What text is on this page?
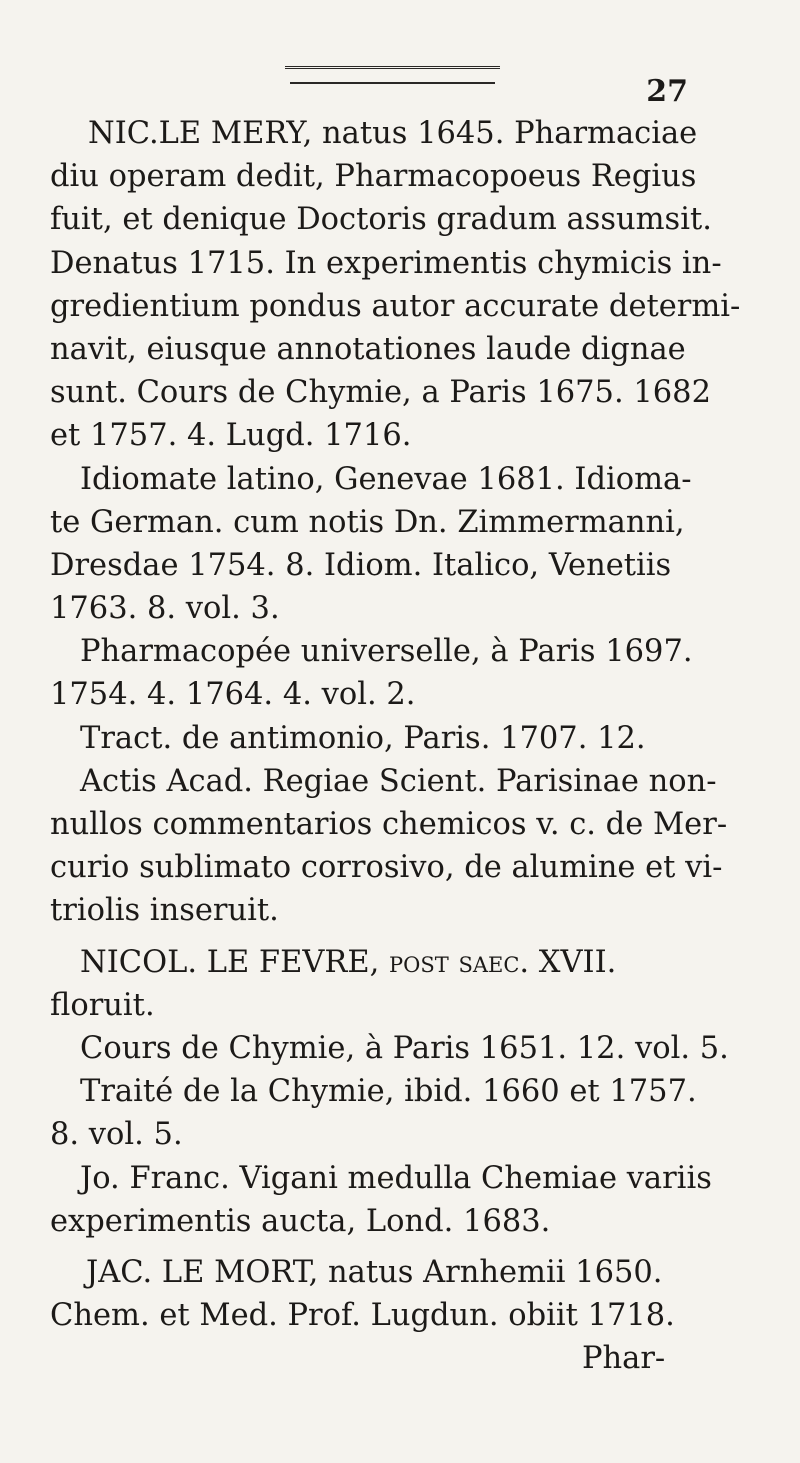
27
NIC.LE MERY, natus 1645. Pharmaciae
diu operam dedit, Pharmacopoeus Regius
fuit, et denique Doctoris gradum assumsit.
Denatus 1715. In experimentis chymicis in-
gredientium pondus autor accurate determi-
navit, eiusque annotationes laude dignae
sunt. Cours de Chymie, a Paris 1675. 1682
et 1757. 4. Lugd. 1716.
Idiomate latino, Genevae 1681. Idioma-
te German. cum notis Dn. Zimmermanni,
Dresdae 1754. 8. Idiom. Italico, Venetiis
1763. 8. vol. 3.
Pharmacopée universelle, à Paris 1697.
1754. 4. 1764. 4. vol. 2.
Tract. de antimonio, Paris. 1707. 12.
Actis Acad. Regiae Scient. Parisinae non-
nullos commentarios chemicos v. c. de Mer-
curio sublimato corrosivo, de alumine et vi-
triolis inseruit.
NICOL. LE FEVRE, post saec. XVII.
floruit.
Cours de Chymie, à Paris 1651. 12. vol. 5.
Traité de la Chymie, ibid. 1660 et 1757.
8. vol. 5.
Jo. Franc. Vigani medulla Chemiae variis
experimentis aucta, Lond. 1683.
JAC. LE MORT, natus Arnhemii 1650.
Chem. et Med. Prof. Lugdun. obiit 1718.
Phar-
